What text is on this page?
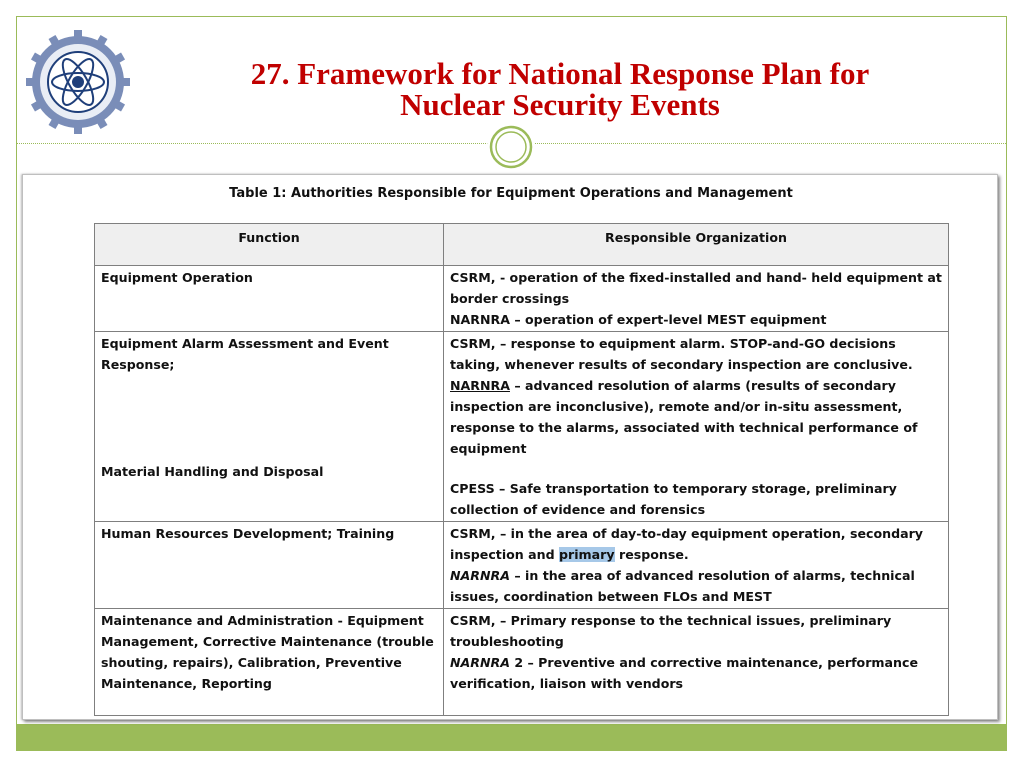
27. Framework for National Response Plan for
Nuclear Security Events
Table 1: Authorities Responsible for Equipment Operations and Management
Function	Responsible Organization
Equipment Operation	CSRM, - operation of the fixed-installed and hand- held equipment at border crossings
NARNRA – operation of expert-level MEST equipment

Equipment Alarm Assessment and Event Response;
Material Handling and Disposal	CSRM, – response to equipment alarm. STOP-and-GO decisions taking, whenever results of secondary inspection are conclusive.
NARNRA – advanced resolution of alarms (results of secondary inspection are inconclusive), remote and/or in-situ assessment, response to the alarms, associated with technical performance of equipment
CPESS – Safe transportation to temporary storage, preliminary collection of evidence and forensics

Human Resources Development; Training	CSRM, – in the area of day-to-day equipment operation, secondary inspection and primary response.
NARNRA – in the area of advanced resolution of alarms, technical issues, coordination between FLOs and MEST

Maintenance and Administration - Equipment Management, Corrective Maintenance (trouble shouting, repairs), Calibration, Preventive Maintenance, Reporting	CSRM, – Primary response to the technical issues, preliminary troubleshooting
NARNRA 2 – Preventive and corrective maintenance, performance verification, liaison with vendors
